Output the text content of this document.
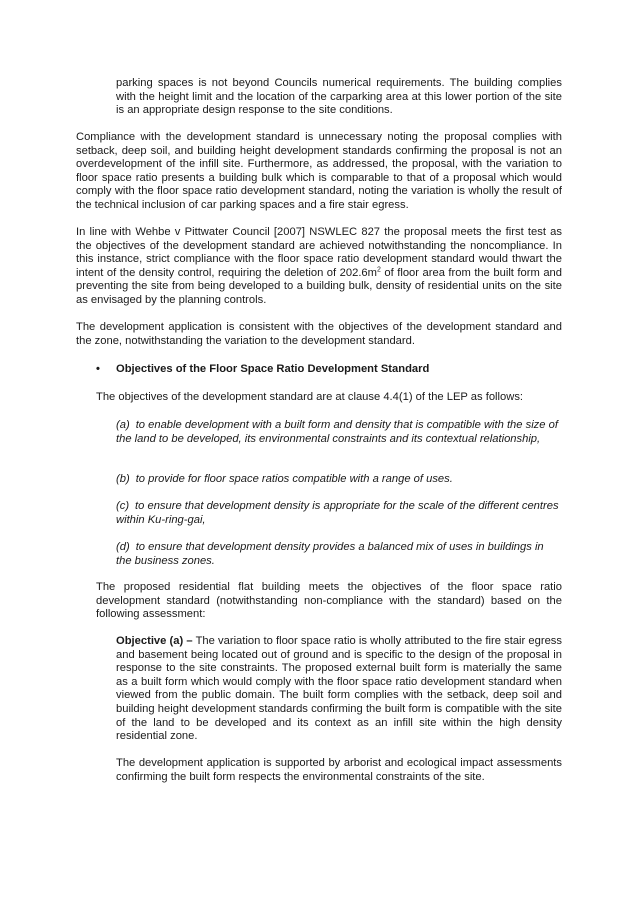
parking spaces is not beyond Councils numerical requirements. The building complies with the height limit and the location of the carparking area at this lower portion of the site is an appropriate design response to the site conditions.

Compliance with the development standard is unnecessary noting the proposal complies with setback, deep soil, and building height development standards confirming the proposal is not an overdevelopment of the infill site. Furthermore, as addressed, the proposal, with the variation to floor space ratio presents a building bulk which is comparable to that of a proposal which would comply with the floor space ratio development standard, noting the variation is wholly the result of the technical inclusion of car parking spaces and a fire stair egress.

In line with Wehbe v Pittwater Council [2007] NSWLEC 827 the proposal meets the first test as the objectives of the development standard are achieved notwithstanding the noncompliance. In this instance, strict compliance with the floor space ratio development standard would thwart the intent of the density control, requiring the deletion of $202.6m^2$ of floor area from the built form and preventing the site from being developed to a building bulk, density of residential units on the site as envisaged by the planning controls.

The development application is consistent with the objectives of the development standard and the zone, notwithstanding the variation to the development standard.

•	Objectives of the Floor Space Ratio Development Standard

The objectives of the development standard are at clause 4.4(1) of the LEP as follows:

(a) to enable development with a built form and density that is compatible with the size of the land to be developed, its environmental constraints and its contextual relationship,

(b) to provide for floor space ratios compatible with a range of uses.

(c) to ensure that development density is appropriate for the scale of the different centres within Ku-ring-gai,

(d) to ensure that development density provides a balanced mix of uses in buildings in the business zones.

The proposed residential flat building meets the objectives of the floor space ratio development standard (notwithstanding non-compliance with the standard) based on the following assessment:

Objective (a) – The variation to floor space ratio is wholly attributed to the fire stair egress and basement being located out of ground and is specific to the design of the proposal in response to the site constraints. The proposed external built form is materially the same as a built form which would comply with the floor space ratio development standard when viewed from the public domain. The built form complies with the setback, deep soil and building height development standards confirming the built form is compatible with the site of the land to be developed and its context as an infill site within the high density residential zone.

The development application is supported by arborist and ecological impact assessments confirming the built form respects the environmental constraints of the site.
